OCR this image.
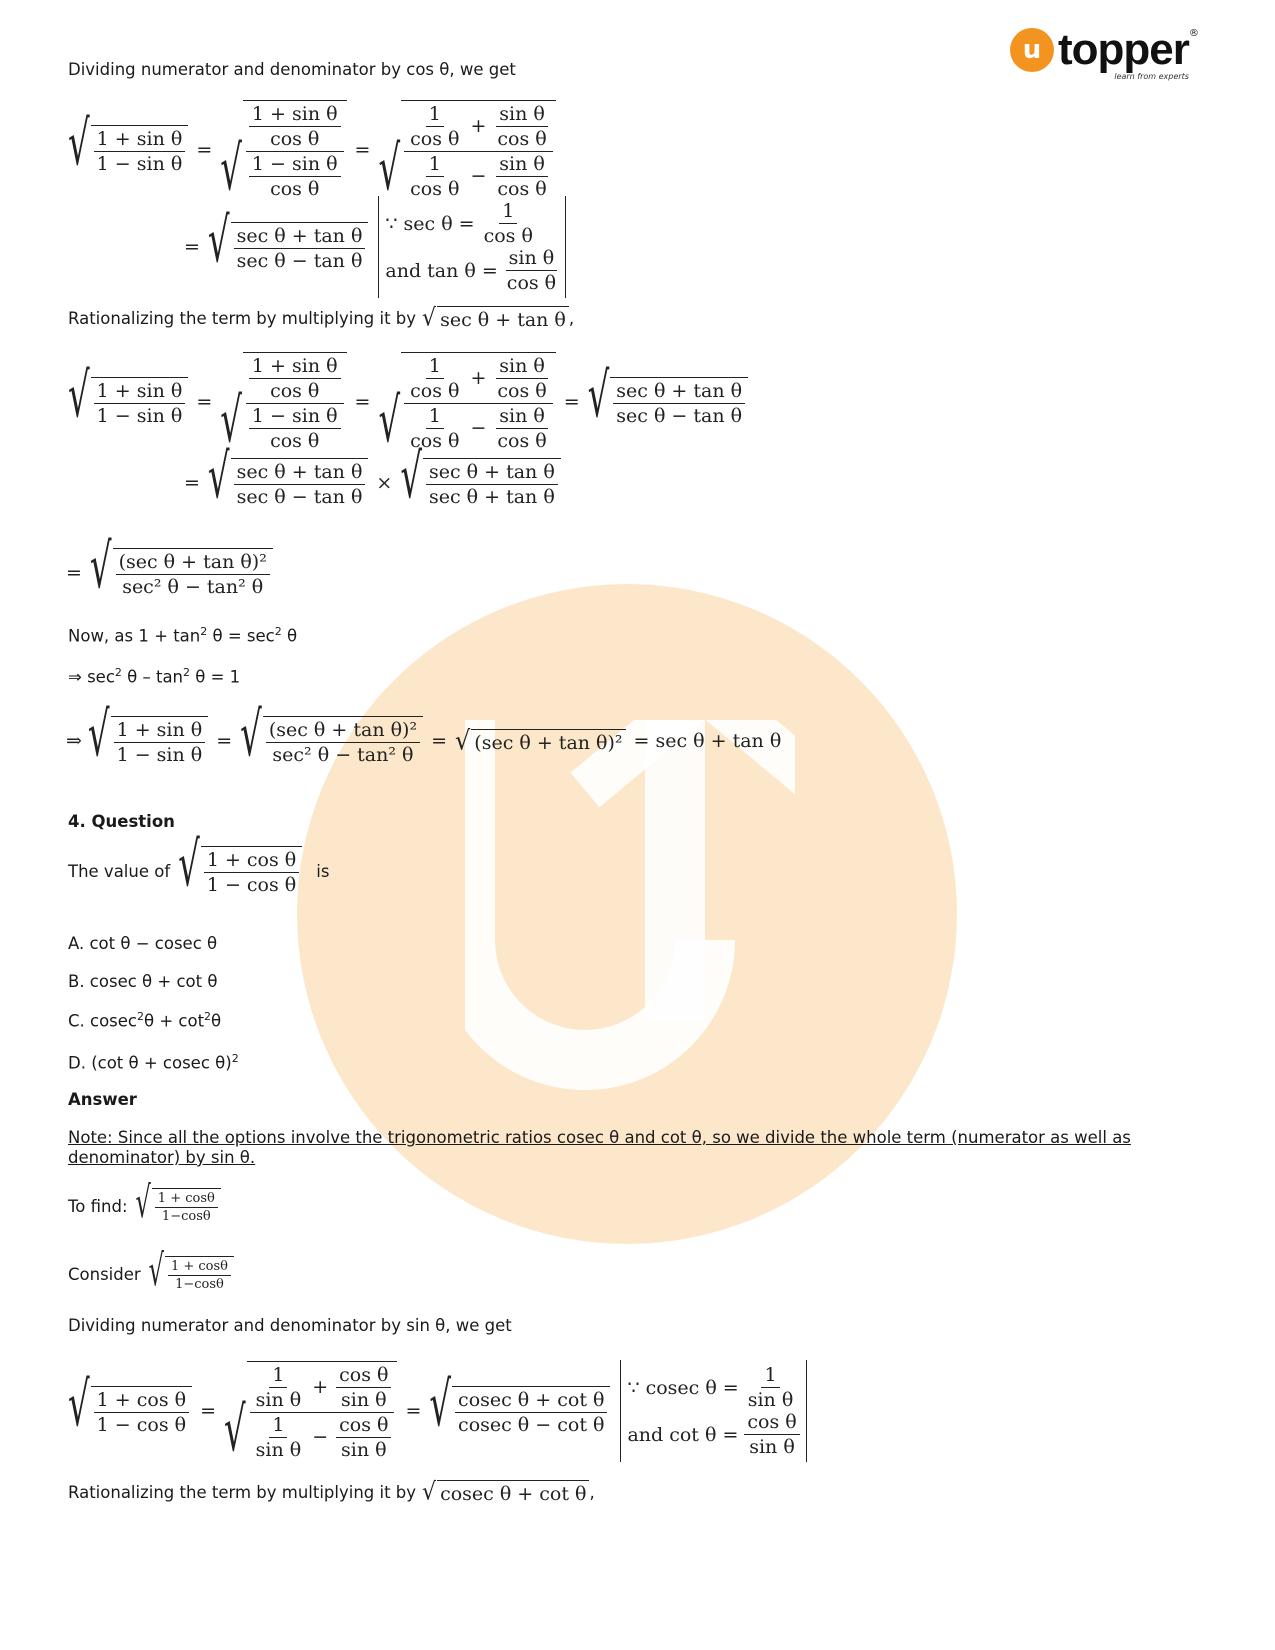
u topper ®
learn from experts
Dividing numerator and denominator by cos θ, we get
√ $\frac{\text{1 + sin θ}}{\text{1 − sin θ}}$ = √ $\frac{\frac{\text{1 + sin θ}}{\text{cos θ}}}{\frac{\text{1 − sin θ}}{\text{cos θ}}}$ = √ $\frac{\frac{1}{\text{cos θ}} + \frac{\text{sin θ}}{\text{cos θ}}}{\frac{1}{\text{cos θ}} - \frac{\text{sin θ}}{\text{cos θ}}}$
= √ $\frac{\text{sec θ + tan θ}}{\text{sec θ − tan θ}}$
∵ $\sec \theta = \frac{1}{\text{cos θ}}$
and $\tan \theta = \frac{\text{sin θ}}{\text{cos θ}}$
Rationalizing the term by multiplying it by √ sec θ + tan θ ,
√ $\frac{\text{1 + sin θ}}{\text{1 − sin θ}}$ = √ $\frac{\frac{\text{1 + sin θ}}{\text{cos θ}}}{\frac{\text{1 − sin θ}}{\text{cos θ}}}$ = √ $\frac{\frac{1}{\text{cos θ}} + \frac{\text{sin θ}}{\text{cos θ}}}{\frac{1}{\text{cos θ}} - \frac{\text{sin θ}}{\text{cos θ}}}$ = √ $\frac{\text{sec θ + tan θ}}{\text{sec θ − tan θ}}$
= √ $\frac{\text{sec θ + tan θ}}{\text{sec θ − tan θ}}$ × √ $\frac{\text{sec θ + tan θ}}{\text{sec θ + tan θ}}$
= √ $\frac{\text{(sec θ + tan θ)²}}{\text{sec² θ − tan² θ}}$
Now, as $1 + \tan^2 \theta = \sec^2 \theta$
⇒ $\sec^2 \theta - \tan^2 \theta = 1$
⇒ √ $\frac{\text{1 + sin θ}}{\text{1 − sin θ}}$ = √ $\frac{\text{(sec θ + tan θ)²}}{\text{sec² θ − tan² θ}}$ = √ (sec θ + tan θ)² = sec θ + tan θ
4. Question
The value of √ $\frac{\text{1 + cos θ}}{\text{1 − cos θ}}$ is
A. cot θ − cosec θ
B. cosec θ + cot θ
C. $cosec^2\theta + \cot^2\theta$
D. (cot θ + cosec θ)$^2$
Answer
Note: Since all the options involve the trigonometric ratios cosec θ and cot θ, so we divide the whole term (numerator as well as
denominator) by sin θ.
To find: √ $\frac{1 + \cos\theta}{1-\cos\theta}$
Consider √ $\frac{1 + \cos\theta}{1-\cos\theta}$
Dividing numerator and denominator by sin θ, we get
√ $\frac{\text{1 + cos θ}}{\text{1 − cos θ}}$ = √ $\frac{\frac{1}{\text{sin θ}} + \frac{\text{cos θ}}{\text{sin θ}}}{\frac{1}{\text{sin θ}} - \frac{\text{cos θ}}{\text{sin θ}}}$ = √ $\frac{\text{cosec θ + cot θ}}{\text{cosec θ − cot θ}}$
∵ cosec $\theta = \frac{1}{\text{sin θ}}$
and $\cot \theta = \frac{\text{cos θ}}{\text{sin θ}}$
Rationalizing the term by multiplying it by √ cosec θ + cot θ ,
